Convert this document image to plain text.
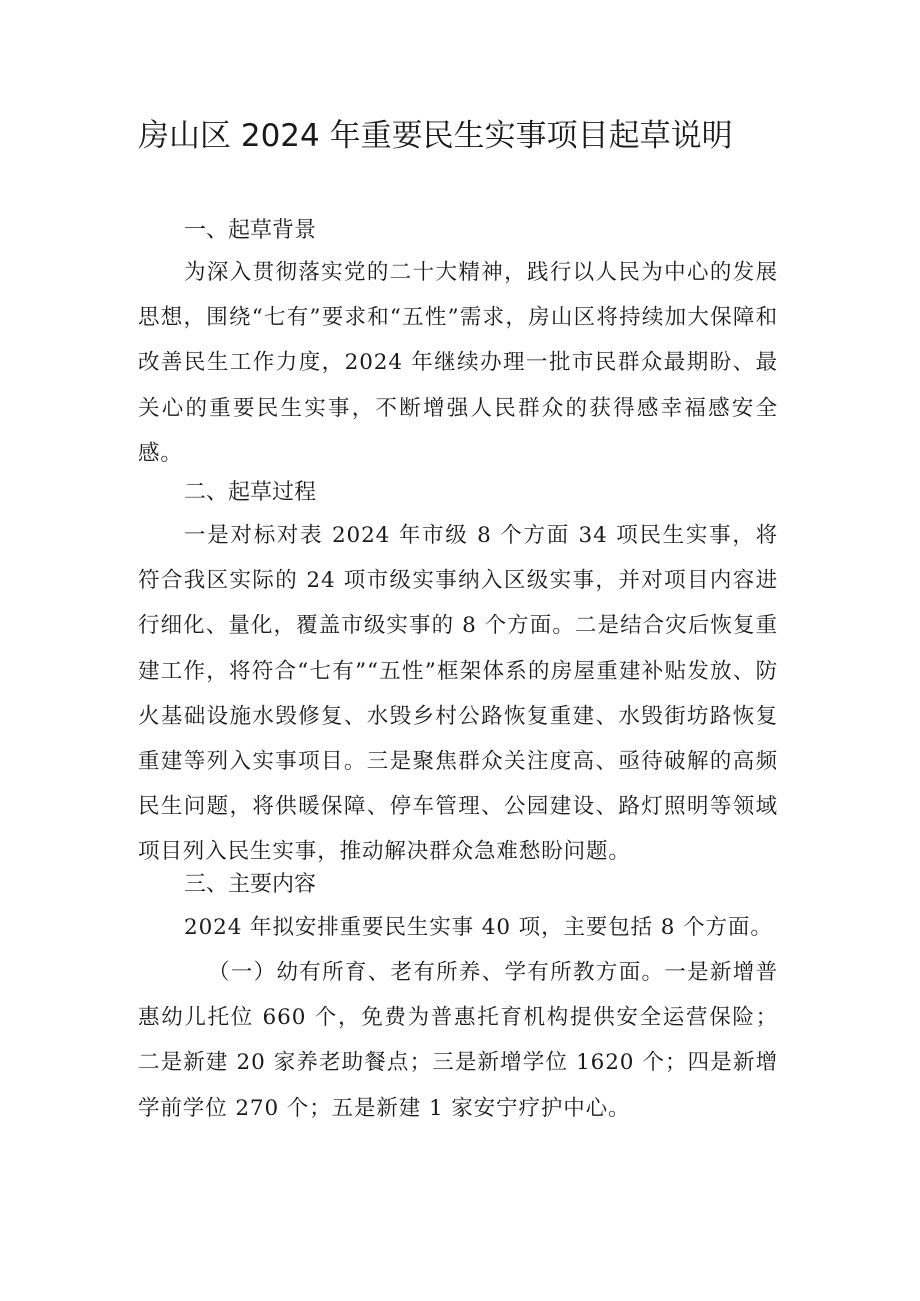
房山区 2024 年重要民生实事项目起草说明
一、起草背景

为深入贯彻落实党的二十大精神，践行以人民为中心的发展思想，围绕“七有”要求和“五性”需求，房山区将持续加大保障和改善民生工作力度，2024 年继续办理一批市民群众最期盼、最关心的重要民生实事，不断增强人民群众的获得感幸福感安全感。

二、起草过程

一是对标对表 2024 年市级 8 个方面 34 项民生实事，将符合我区实际的 24 项市级实事纳入区级实事，并对项目内容进行细化、量化，覆盖市级实事的 8 个方面。二是结合灾后恢复重建工作，将符合“七有”“五性”框架体系的房屋重建补贴发放、防火基础设施水毁修复、水毁乡村公路恢复重建、水毁街坊路恢复重建等列入实事项目。三是聚焦群众关注度高、亟待破解的高频民生问题，将供暖保障、停车管理、公园建设、路灯照明等领域项目列入民生实事，推动解决群众急难愁盼问题。

三、主要内容

2024 年拟安排重要民生实事 40 项，主要包括 8 个方面。

（一）幼有所育、老有所养、学有所教方面。一是新增普惠幼儿托位 660 个，免费为普惠托育机构提供安全运营保险；二是新建 20 家养老助餐点；三是新增学位 1620 个；四是新增学前学位 270 个；五是新建 1 家安宁疗护中心。
